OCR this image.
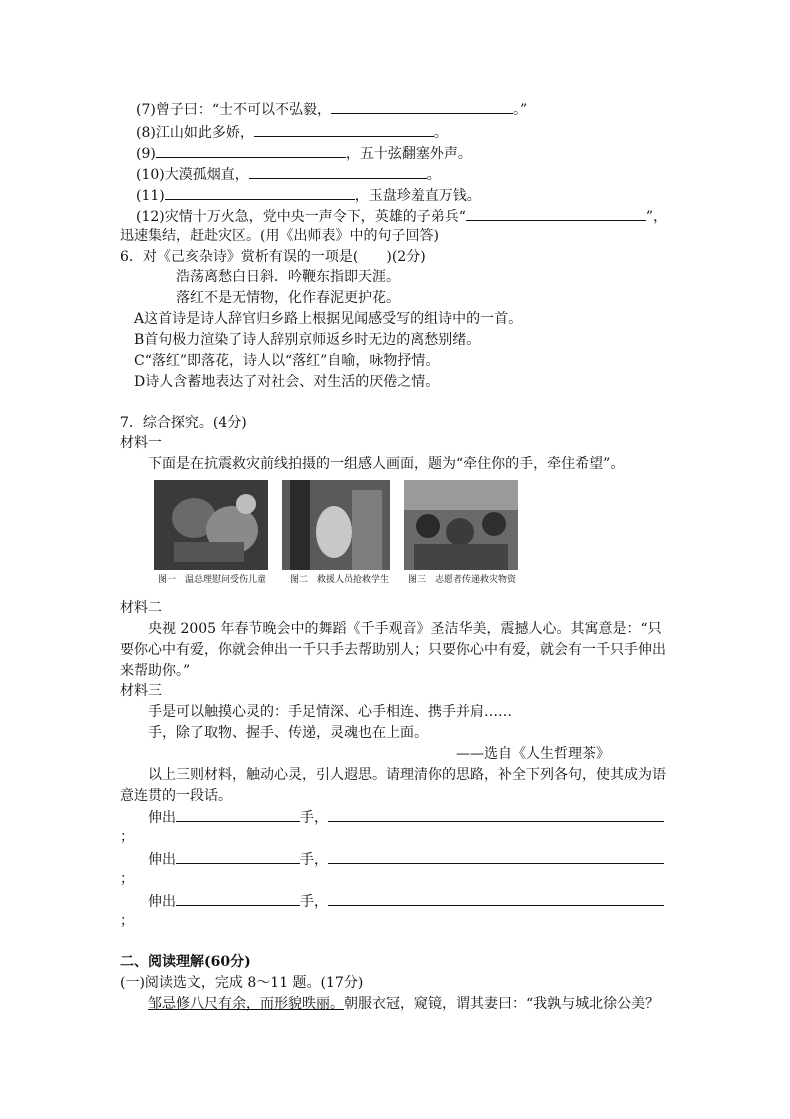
(7)曾子曰：“士不可以不弘毅，	。”
(8)江山如此多娇，	。
(9)	，五十弦翻塞外声。
(10)大漠孤烟直，	。
(11)	，玉盘珍羞直万钱。
(12)灾情十万火急，党中央一声令下，英雄的子弟兵“	”，
迅速集结，赶赴灾区。(用《出师表》中的句子回答)
6．对《己亥杂诗》赏析有误的一项是(　　)(2分)
浩荡离愁白日斜．吟鞭东指即天涯。
落红不是无情物，化作春泥更护花。
A这首诗是诗人辞官归乡路上根据见闻感受写的组诗中的一首。
B首句极力渲染了诗人辞别京师返乡时无边的离愁别绪。
C“落红”即落花，诗人以“落红”自喻，咏物抒情。
D诗人含蓄地表达了对社会、对生活的厌倦之情。
7．综合探究。(4分)
材料一
下面是在抗震救灾前线拍摄的一组感人画面，题为“牵住你的手，牵住希望”。
图一　温总理慰问受伤儿童	图二　救援人员抢救学生 图三　志愿者传递救灾物资
材料二
央视 2005 年春节晚会中的舞蹈《千手观音》圣洁华美，震撼人心。其寓意是：“只
要你心中有爱，你就会伸出一千只手去帮助别人；只要你心中有爱，就会有一千只手伸出
来帮助你。”
材料三
手是可以触摸心灵的：手足情深、心手相连、携手并肩……
手，除了取物、握手、传递，灵魂也在上面。
——选自《人生哲理茶》
以上三则材料，触动心灵，引人遐思。请理清你的思路，补全下列各句，使其成为语
意连贯的一段话。
伸出	手，
；
伸出	手，
；
伸出	手，
；
二、阅读理解(60分)
(一)阅读选文，完成 8～11 题。(17分)
邹忌修八尺有余，而形貌昳丽。朝服衣冠，窥镜，谓其妻曰：“我孰与城北徐公美？
